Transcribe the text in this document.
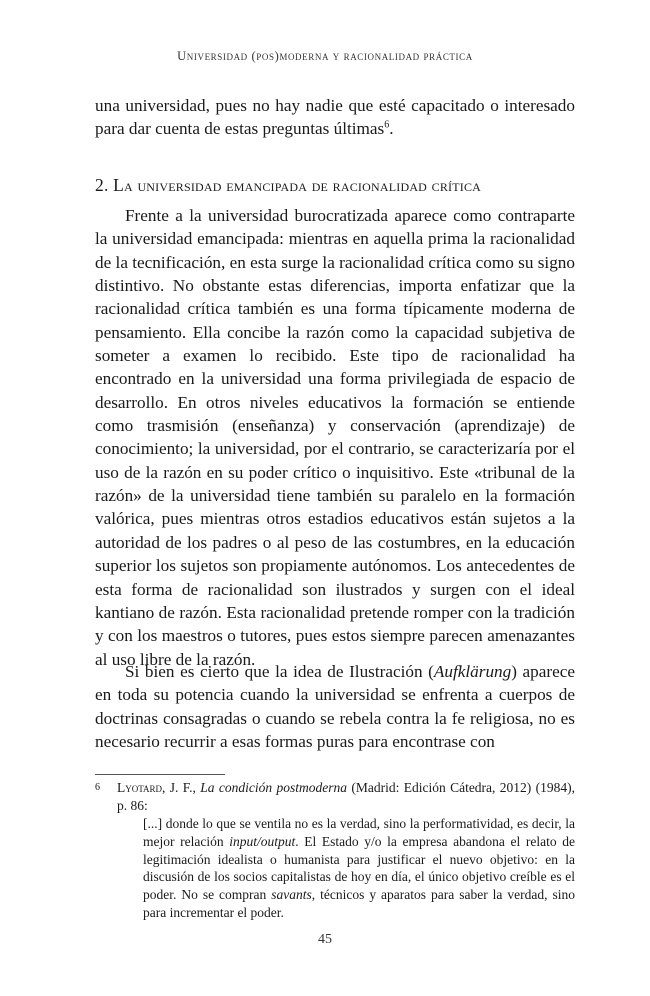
Universidad (pos)moderna y racionalidad práctica

una universidad, pues no hay nadie que esté capacitado o interesado para dar cuenta de estas preguntas últimas$^6$.

2. La universidad emancipada de racionalidad crítica

Frente a la universidad burocratizada aparece como contraparte la universidad emancipada: mientras en aquella prima la racionalidad de la tecnificación, en esta surge la racionalidad crítica como su signo distintivo. No obstante estas diferencias, importa enfatizar que la racionalidad crítica también es una forma típicamente moderna de pensamiento. Ella concibe la razón como la capacidad subjetiva de someter a examen lo recibido. Este tipo de racionalidad ha encontrado en la universidad una forma privilegiada de espacio de desarrollo. En otros niveles educativos la formación se entiende como trasmisión (enseñanza) y conservación (aprendizaje) de conocimiento; la universidad, por el contrario, se caracterizaría por el uso de la razón en su poder crítico o inquisitivo. Este «tribunal de la razón» de la universidad tiene también su paralelo en la formación valórica, pues mientras otros estadios educativos están sujetos a la autoridad de los padres o al peso de las costumbres, en la educación superior los sujetos son propiamente autónomos. Los antecedentes de esta forma de racionalidad son ilustrados y surgen con el ideal kantiano de razón. Esta racionalidad pretende romper con la tradición y con los maestros o tutores, pues estos siempre parecen amenazantes al uso libre de la razón.

Si bien es cierto que la idea de Ilustración (Aufklärung) aparece en toda su potencia cuando la universidad se enfrenta a cuerpos de doctrinas consagradas o cuando se rebela contra la fe religiosa, no es necesario recurrir a esas formas puras para encontrase con

6	Lyotard, J. F., La condición postmoderna (Madrid: Edición Cátedra, 2012) (1984), p. 86:
[...] donde lo que se ventila no es la verdad, sino la performatividad, es decir, la mejor relación input/output. El Estado y/o la empresa abandona el relato de legitimación idealista o humanista para justificar el nuevo objetivo: en la discusión de los socios capitalistas de hoy en día, el único objetivo creíble es el poder. No se compran savants, técnicos y aparatos para saber la verdad, sino para incrementar el poder.
45
